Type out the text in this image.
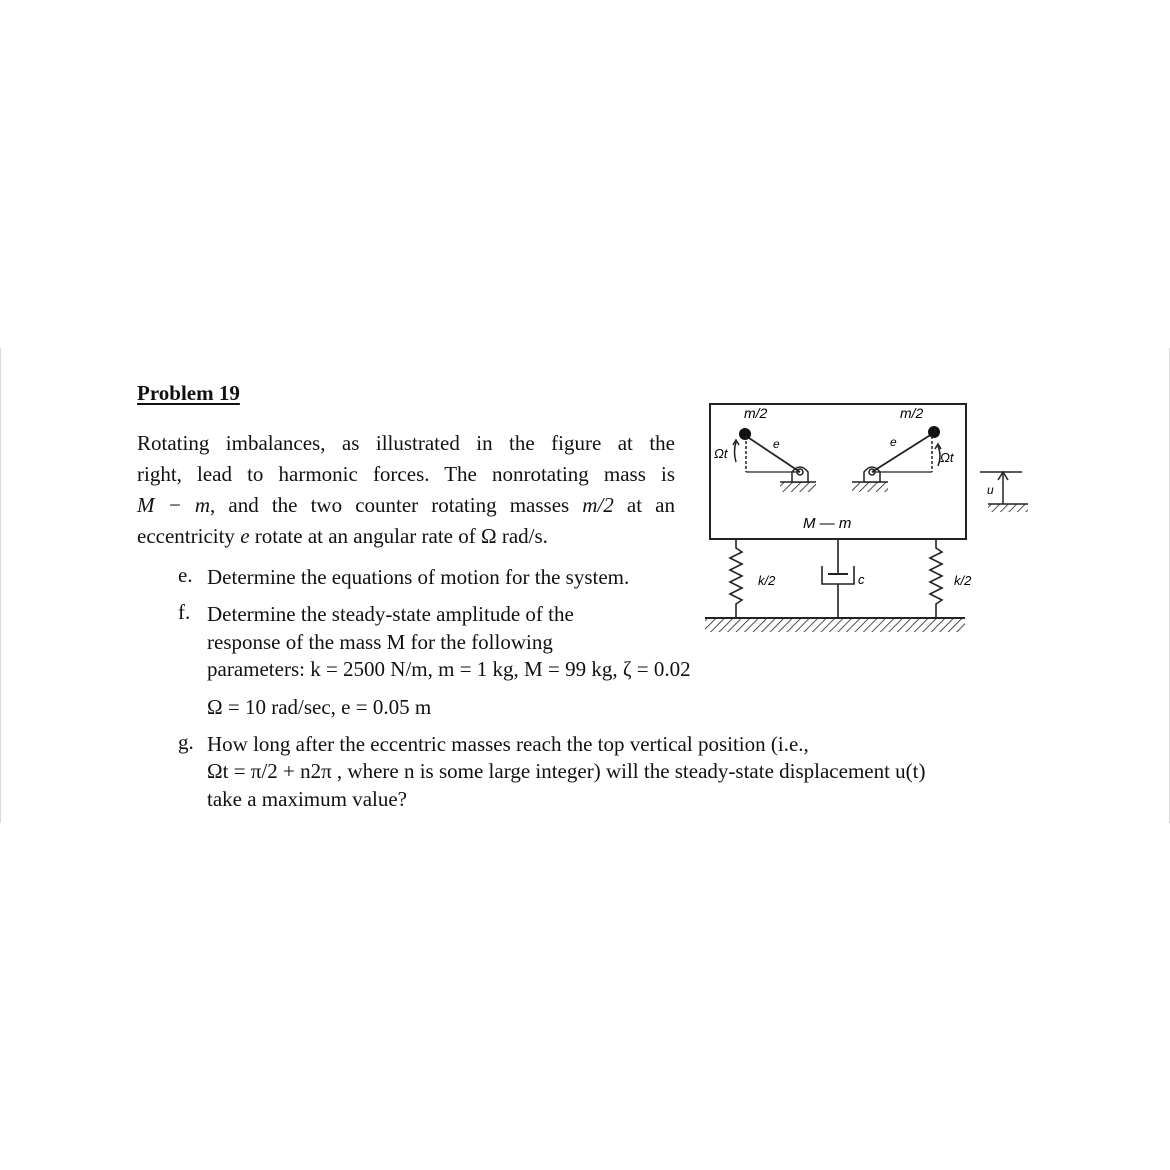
Problem 19
Rotating imbalances, as illustrated in the figure at the
right, lead to harmonic forces. The nonrotating mass is
M − m, and the two counter rotating masses m/2 at an
eccentricity e rotate at an angular rate of Ω rad/s.
e. Determine the equations of motion for the system.
f. Determine the steady-state amplitude of the
response of the mass M for the following
parameters: k = 2500 N/m, m = 1 kg, M = 99 kg, ζ = 0.02
Ω = 10 rad/sec, e = 0.05 m
g. How long after the eccentric masses reach the top vertical position (i.e.,
Ωt = π/2 + n2π , where n is some large integer) will the steady-state displacement u(t)
take a maximum value?
m/2
e
Ωt
m/2
e
Ωt
M — m
k/2	c	k/2
u
